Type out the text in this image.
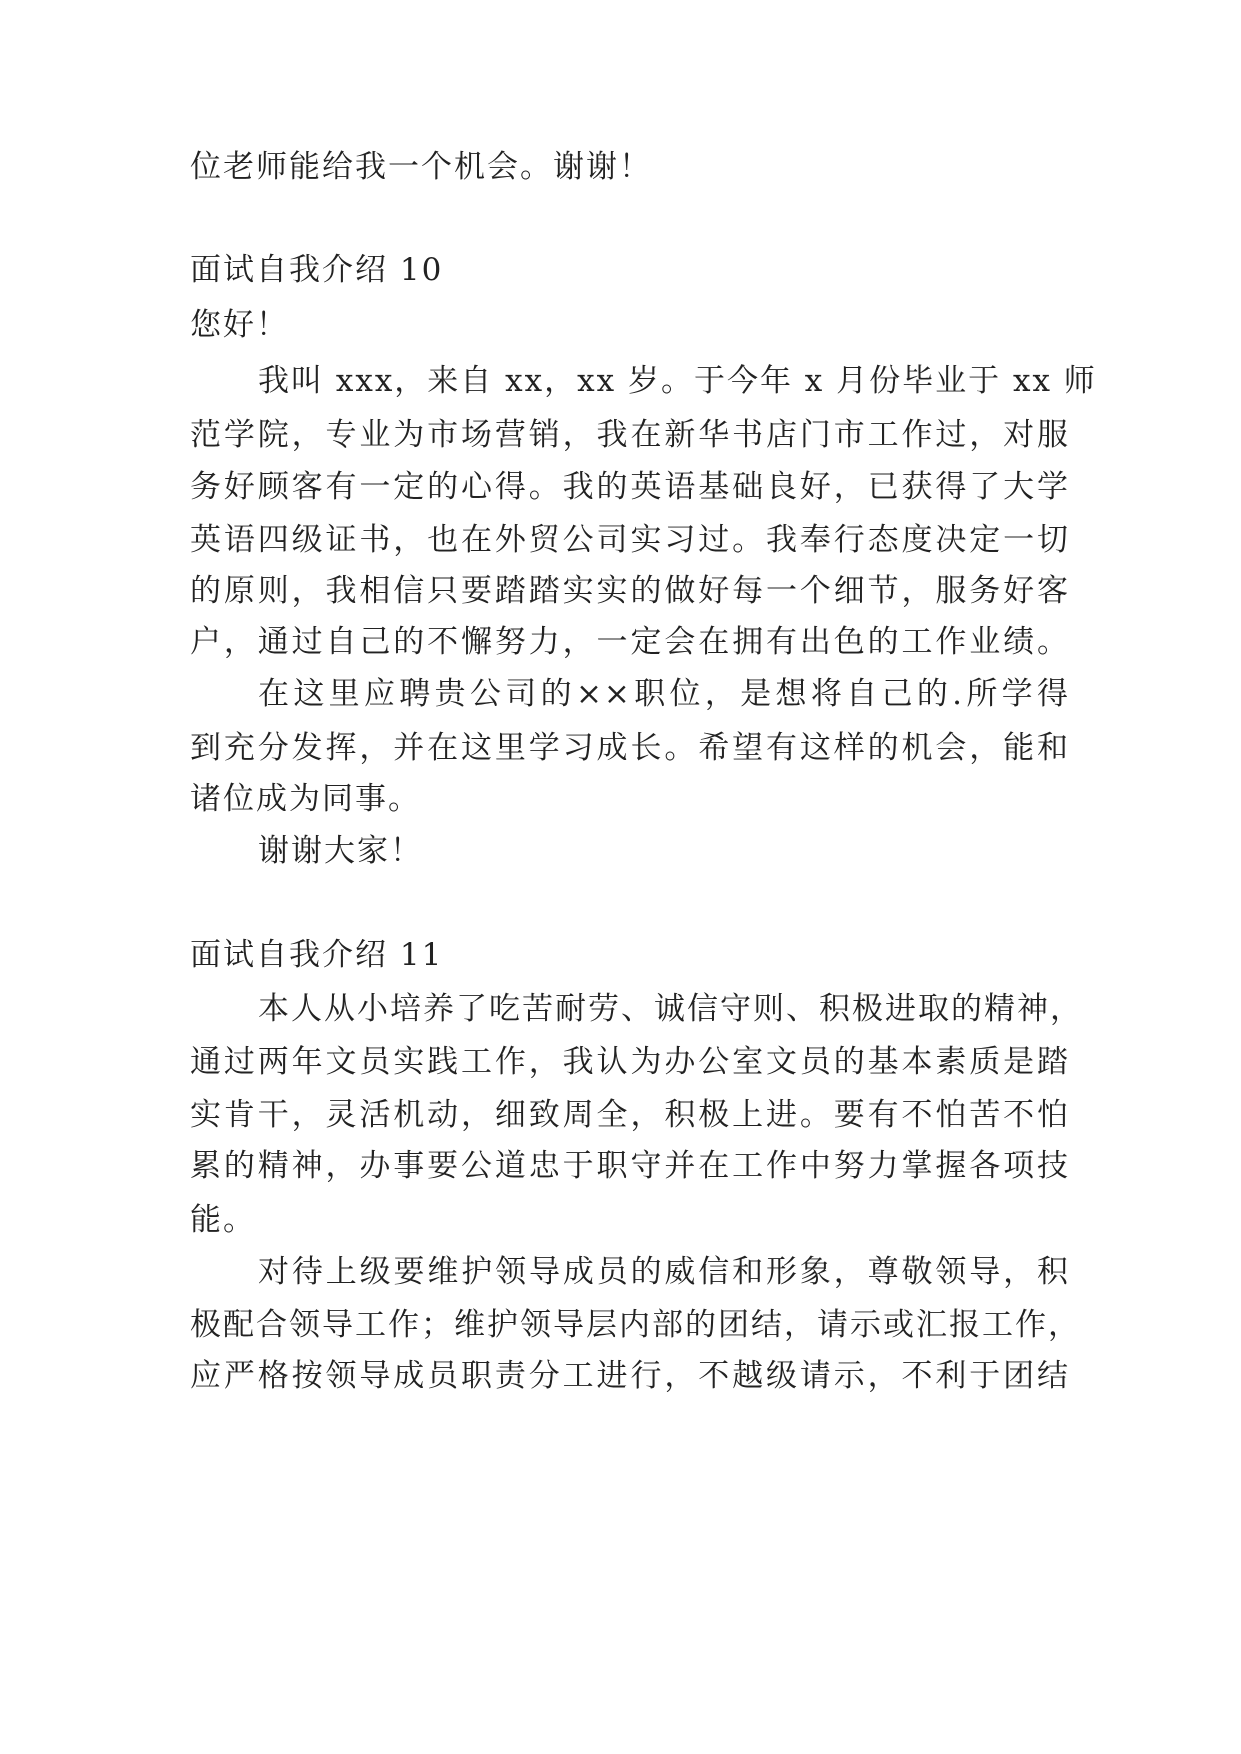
位老师能给我一个机会。谢谢！
面试自我介绍 10
您好！
我叫 xxx，来自 xx，xx 岁。于今年 x 月份毕业于 xx 师
范学院，专业为市场营销，我在新华书店门市工作过，对服
务好顾客有一定的心得。我的英语基础良好，已获得了大学
英语四级证书，也在外贸公司实习过。我奉行态度决定一切
的原则，我相信只要踏踏实实的做好每一个细节，服务好客
户，通过自己的不懈努力，一定会在拥有出色的工作业绩。
在这里应聘贵公司的××职位，是想将自己的.所学得
到充分发挥，并在这里学习成长。希望有这样的机会，能和
诸位成为同事。
谢谢大家！
面试自我介绍 11
本人从小培养了吃苦耐劳、诚信守则、积极进取的精神，
通过两年文员实践工作，我认为办公室文员的基本素质是踏
实肯干，灵活机动，细致周全，积极上进。要有不怕苦不怕
累的精神，办事要公道忠于职守并在工作中努力掌握各项技
能。
对待上级要维护领导成员的威信和形象，尊敬领导，积
极配合领导工作；维护领导层内部的团结，请示或汇报工作，
应严格按领导成员职责分工进行，不越级请示，不利于团结
